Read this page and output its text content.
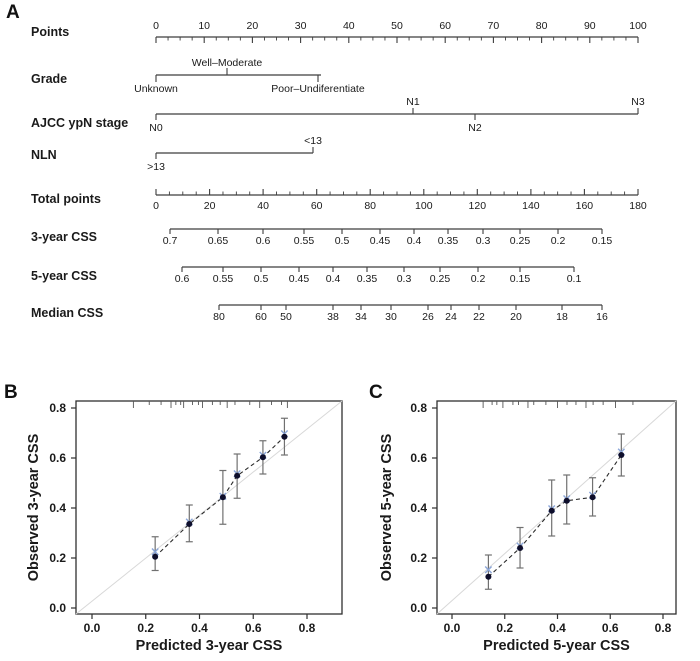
Points	0	10	20	30	40	50	60	70	80	90	100
Grade
Unknown
Well–Moderate
Poor–Undiferentiate
AJCC ypN stage N0
N1
N2
N3
NLN
>13
<13
Total points	0	20	40	60	80	100	120	140	160	180
3-year CSS	0.7	0.65	0.6 0.55 0.5 0.45 0.4 0.35 0.3 0.25 0.2	0.15
5-year CSS	0.6 0.55 0.5 0.45 0.4 0.35 0.3 0.25 0.2 0.15	0.1
Median CSS	80	60 50	38 34 30 26 24 22 20	18	16
0.0
0.0
0.2
0.2
0.4
0.4
0.6
0.6
0.8
0.8
Predicted 3-year CSS
Observed 3-year CSS
0.0
0.0
0.2
0.2
0.4
0.4
0.6
0.6
0.8
0.8
Predicted 5-year CSS
Observed 5-year CSS
A
B	C
